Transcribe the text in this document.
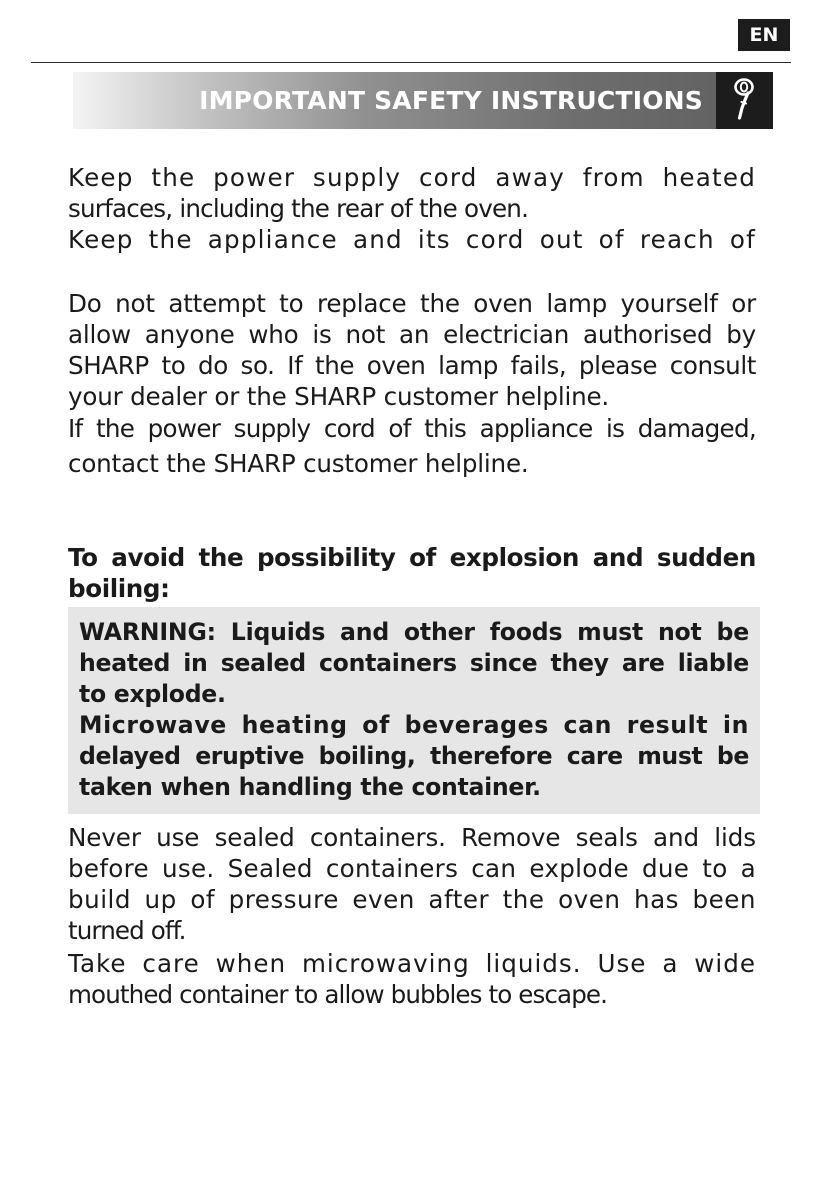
EN
IMPORTANT SAFETY INSTRUCTIONS

Keep the power supply cord away from heated
surfaces, including the rear of the oven.

Keep the appliance and its cord out of reach of

Do not attempt to replace the oven lamp yourself or
allow anyone who is not an electrician authorised by
SHARP to do so. If the oven lamp fails, please consult
your dealer or the SHARP customer helpline.

If the power supply cord of this appliance is damaged,
contact the SHARP customer helpline.

To avoid the possibility of explosion and sudden
boiling:

WARNING: Liquids and other foods must not be
heated in sealed containers since they are liable
to explode.
Microwave heating of beverages can result in
delayed eruptive boiling, therefore care must be
taken when handling the container.

Never use sealed containers. Remove seals and lids
before use. Sealed containers can explode due to a
build up of pressure even after the oven has been
turned off.

Take care when microwaving liquids. Use a wide
mouthed container to allow bubbles to escape.
